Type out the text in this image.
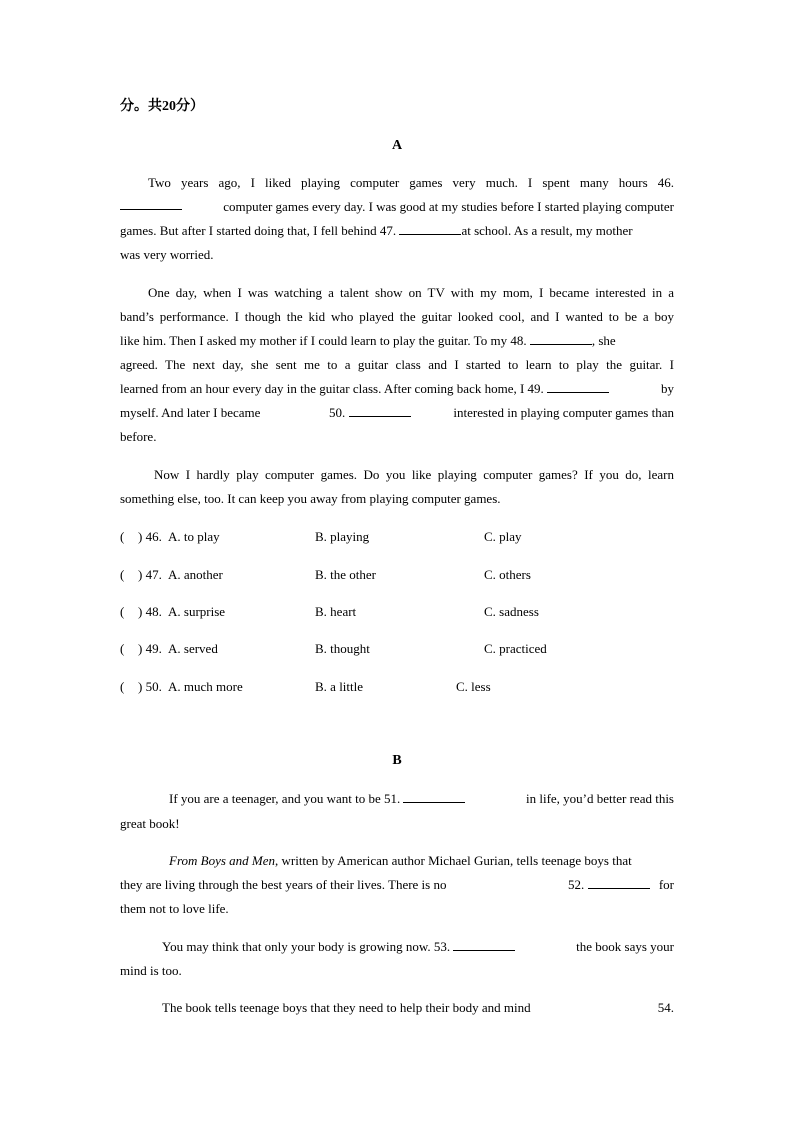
分。共20分）
A
Two years ago, I liked playing computer games very much. I spent many hours 46.
computer games every day. I was good at my studies before I started playing computer
games. But after I started doing that, I fell behind 47.	at school. As a result, my mother
was very worried.
One day, when I was watching a talent show on TV with my mom, I became interested in a
band’s performance. I though the kid who played the guitar looked cool, and I wanted to be a boy
like him. Then I asked my mother if I could learn to play the guitar. To my 48.	, she
agreed. The next day, she sent me to a guitar class and I started to learn to play the guitar. I
learned from an hour every day in the guitar class. After coming back home, I 49.	by
myself. And later I became	50.	interested in playing computer games than
before.
Now I hardly play computer games. Do you like playing computer games? If you do, learn
something else, too. It can keep you away from playing computer games.
( ) 46. A. to play	B. playing	C. play
( ) 47. A. another	B. the other	C. others
( ) 48. A. surprise	B. heart	C. sadness
( ) 49. A. served	B. thought	C. practiced
( ) 50. A. much more	B. a little	C. less
B
If you are a teenager, and you want to be 51.	in life, you’d better read this
great book!
From Boys and Men, written by American author Michael Gurian, tells teenage boys that
they are living through the best years of their lives. There is no	52.	for
them not to love life.
You may think that only your body is growing now. 53.	the book says your
mind is too.
The book tells teenage boys that they need to help their body and mind	54.
